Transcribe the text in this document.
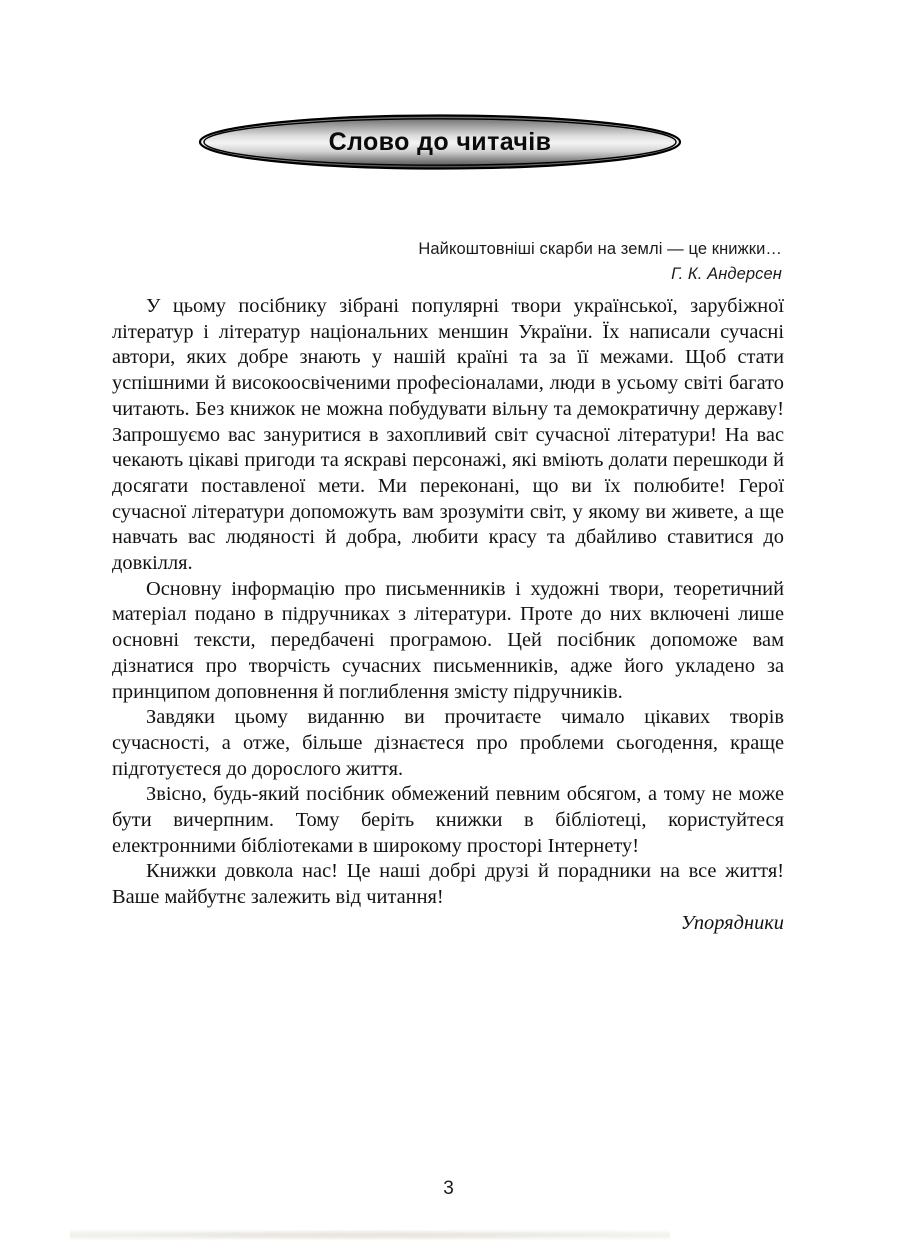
Слово до читачів
Найкоштовніші скарби на землі — це книжки…
Г. К. Андерсен

У цьому посібнику зібрані популярні твори української, зарубіжної літератур і літератур національних меншин України. Їх написали сучасні автори, яких добре знають у нашій країні та за її межами. Щоб стати успішними й високоосвіченими професіоналами, люди в усьому світі багато читають. Без книжок не можна побудувати вільну та демократичну державу! Запрошуємо вас зануритися в захопливий світ сучасної літератури! На вас чекають цікаві пригоди та яскраві персонажі, які вміють долати перешкоди й досягати поставленої мети. Ми переконані, що ви їх полюбите! Герої сучасної літератури допоможуть вам зрозуміти світ, у якому ви живете, а ще навчать вас людяності й добра, любити красу та дбайливо ставитися до довкілля.

Основну інформацію про письменників і художні твори, теоретичний матеріал подано в підручниках з літератури. Проте до них включені лише основні тексти, передбачені програмою. Цей посібник допоможе вам дізнатися про творчість сучасних письменників, адже його укладено за принципом доповнення й поглиблення змісту підручників.

Завдяки цьому виданню ви прочитаєте чимало цікавих творів сучасності, а отже, більше дізнаєтеся про проблеми сьогодення, краще підготуєтеся до дорослого життя.

Звісно, будь-який посібник обмежений певним обсягом, а тому не може бути вичерпним. Тому беріть книжки в бібліотеці, користуйтеся електронними бібліотеками в широкому просторі Інтернету!

Книжки довкола нас! Це наші добрі друзі й порадники на все життя! Ваше майбутнє залежить від читання!

Упорядники

3
